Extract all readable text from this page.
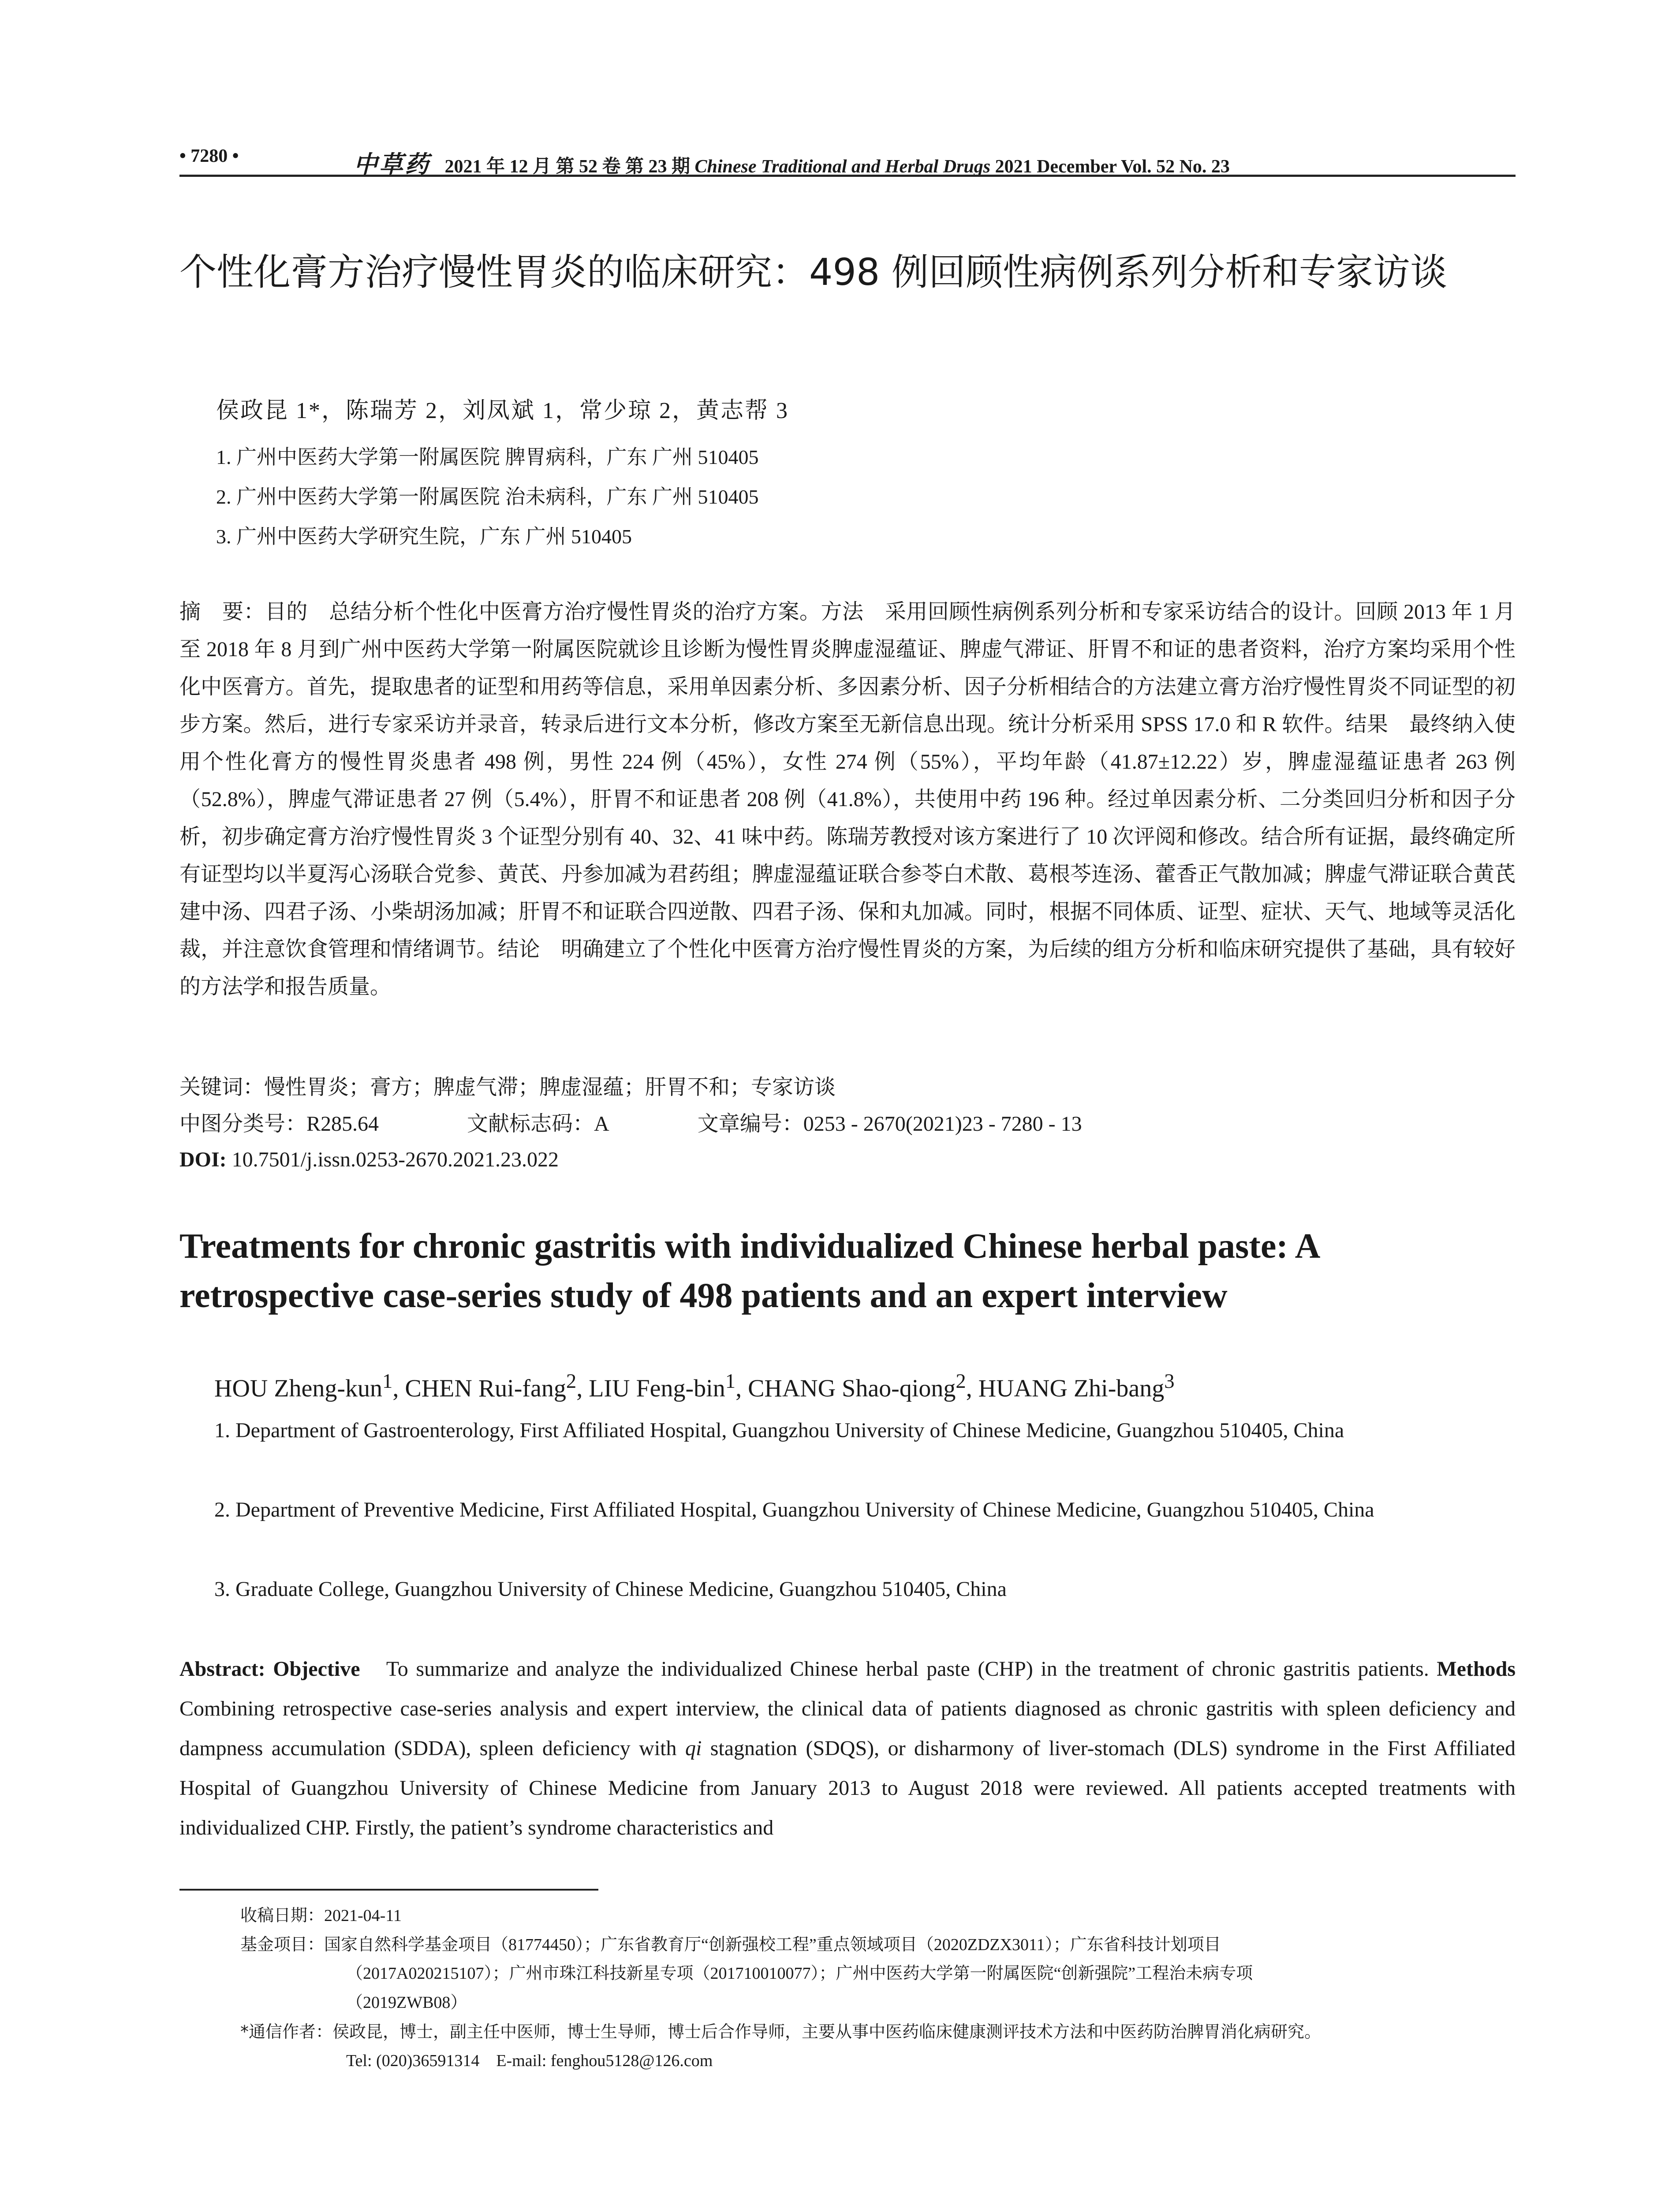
• 7280 •	中草药 2021 年 12 月 第 52 卷 第 23 期 Chinese Traditional and Herbal Drugs 2021 December Vol. 52 No. 23
个性化膏方治疗慢性胃炎的临床研究：498 例回顾性病例系列分析和专家访谈
侯政昆 1*，陈瑞芳 2，刘凤斌 1，常少琼 2，黄志帮 3
1. 广州中医药大学第一附属医院 脾胃病科，广东 广州 510405
2. 广州中医药大学第一附属医院 治未病科，广东 广州 510405
3. 广州中医药大学研究生院，广东 广州 510405
摘　要：目的　 总结分析个性化中医膏方治疗慢性胃炎的治疗方案。方法　 采用回顾性病例系列分析和专家采访结合的设计。回顾 2013 年 1 月至 2018 年 8 月到广州中医药大学第一附属医院就诊且诊断为慢性胃炎脾虚湿蕴证、脾虚气滞证、肝胃不和证的患者资料，治疗方案均采用个性化中医膏方。首先，提取患者的证型和用药等信息，采用单因素分析、多因素分析、因子分析相结合的方法建立膏方治疗慢性胃炎不同证型的初步方案。然后，进行专家采访并录音，转录后进行文本分析，修改方案至无新信息出现。统计分析采用 SPSS 17.0 和 R 软件。结果　 最终纳入使用个性化膏方的慢性胃炎患者 498 例，男性 224 例（45%），女性 274 例（55%），平均年龄（41.87±12.22）岁，脾虚湿蕴证患者 263 例（52.8%），脾虚气滞证患者 27 例（5.4%），肝胃不和证患者 208 例（41.8%），共使用中药 196 种。经过单因素分析、二分类回归分析和因子分析，初步确定膏方治疗慢性胃炎 3 个证型分别有 40、32、41 味中药。陈瑞芳教授对该方案进行了 10 次评阅和修改。结合所有证据，最终确定所有证型均以半夏泻心汤联合党参、黄芪、丹参加减为君药组；脾虚湿蕴证联合参苓白术散、葛根芩连汤、藿香正气散加减；脾虚气滞证联合黄芪建中汤、四君子汤、小柴胡汤加减；肝胃不和证联合四逆散、四君子汤、保和丸加减。同时，根据不同体质、证型、症状、天气、地域等灵活化裁，并注意饮食管理和情绪调节。结论　 明确建立了个性化中医膏方治疗慢性胃炎的方案，为后续的组方分析和临床研究提供了基础，具有较好的方法学和报告质量。
关键词：慢性胃炎；膏方；脾虚气滞；脾虚湿蕴；肝胃不和；专家访谈
中图分类号：R285.64	文献标志码：A	文章编号：0253 - 2670(2021)23 - 7280 - 13
DOI: 10.7501/j.issn.0253-2670.2021.23.022
Treatments for chronic gastritis with individualized Chinese herbal paste: A retrospective case-series study of 498 patients and an expert interview
HOU Zheng-kun$^1$, CHEN Rui-fang$^2$, LIU Feng-bin$^1$, CHANG Shao-qiong$^2$, HUANG Zhi-bang$^3$
1. Department of Gastroenterology, First Affiliated Hospital, Guangzhou University of Chinese Medicine, Guangzhou 510405, China
2. Department of Preventive Medicine, First Affiliated Hospital, Guangzhou University of Chinese Medicine, Guangzhou 510405, China
3. Graduate College, Guangzhou University of Chinese Medicine, Guangzhou 510405, China
Abstract: Objective　 To summarize and analyze the individualized Chinese herbal paste (CHP) in the treatment of chronic gastritis patients. Methods　Combining retrospective case-series analysis and expert interview, the clinical data of patients diagnosed as chronic gastritis with spleen deficiency and dampness accumulation (SDDA), spleen deficiency with qi stagnation (SDQS), or disharmony of liver-stomach (DLS) syndrome in the First Affiliated Hospital of Guangzhou University of Chinese Medicine from January 2013 to August 2018 were reviewed. All patients accepted treatments with individualized CHP. Firstly, the patient’s syndrome characteristics and
收稿日期：2021-04-11
基金项目：国家自然科学基金项目（81774450）；广东省教育厅“创新强校工程”重点领域项目（2020ZDZX3011）；广东省科技计划项目
（2017A020215107）；广州市珠江科技新星专项（201710010077）；广州中医药大学第一附属医院“创新强院”工程治未病专项
（2019ZWB08）
*通信作者：侯政昆，博士，副主任中医师，博士生导师，博士后合作导师，主要从事中医药临床健康测评技术方法和中医药防治脾胃消化病研究。
Tel: (020)36591314　E-mail: fenghou5128@126.com
